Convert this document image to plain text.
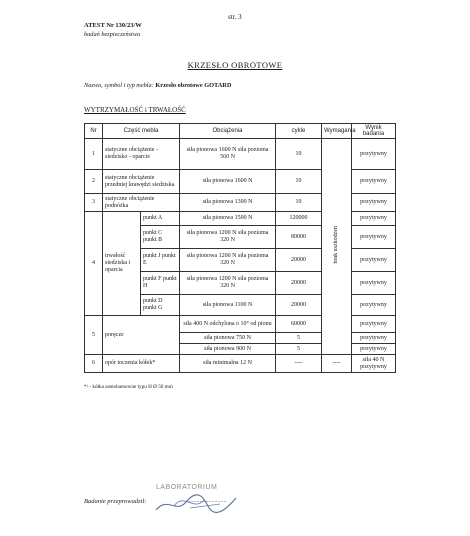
str. 3
ATEST Nr 130/23/W
badań bezpieczeństwa
KRZESŁO OBROTOWE
Nazwa, symbol i typ mebla: Krzesło obrotowe GOTARD
WYTRZYMAŁOŚĆ i TRWAŁOŚĆ
Nr	Część mebla		Obciążenia	cykle	Wymagania	Wynik badania
1	statyczne obciążenie - siedzisko - oparcie		siła pionowa 1600 N siła pozioma 560 N	10	brak uszkodzeń	pozytywny
2	statyczne obciążenie przedniej krawędzi siedziska		siła pionowa 1600 N	10		pozytywny
3	statyczne obciążenie podnóżka		siła pionowa 1300 N	10		pozytywny
4	trwałość siedziska i oparcia	punkt A	siła pionowa 1500 N	120000		pozytywny
		punkt C punkt B	siła pionowa 1200 N siła pozioma 320 N	80000		pozytywny
		punkt J punkt E	siła pionowa 1200 N siła pozioma 320 N	20000		pozytywny
		punkt F punkt H	siła pionowa 1200 N siła pozioma 320 N	20000		pozytywny
		punkt D punkt G	siła pionowa 1100 N	20000		pozytywny
5	poręcze		siła 400 N odchylona o 10° od pionu	60000		pozytywny
			siła pionowa 750 N	5		pozytywny
			siła pionowa 900 N	5		pozytywny
6	opór toczenia kółek*		siła minimalna 12 N	----	----	siła 40 N pozytywny
*/ - kółka samohamowne typu H Ø 50 mm
LABORATORIUM
Badanie przeprowadził:	...........................
